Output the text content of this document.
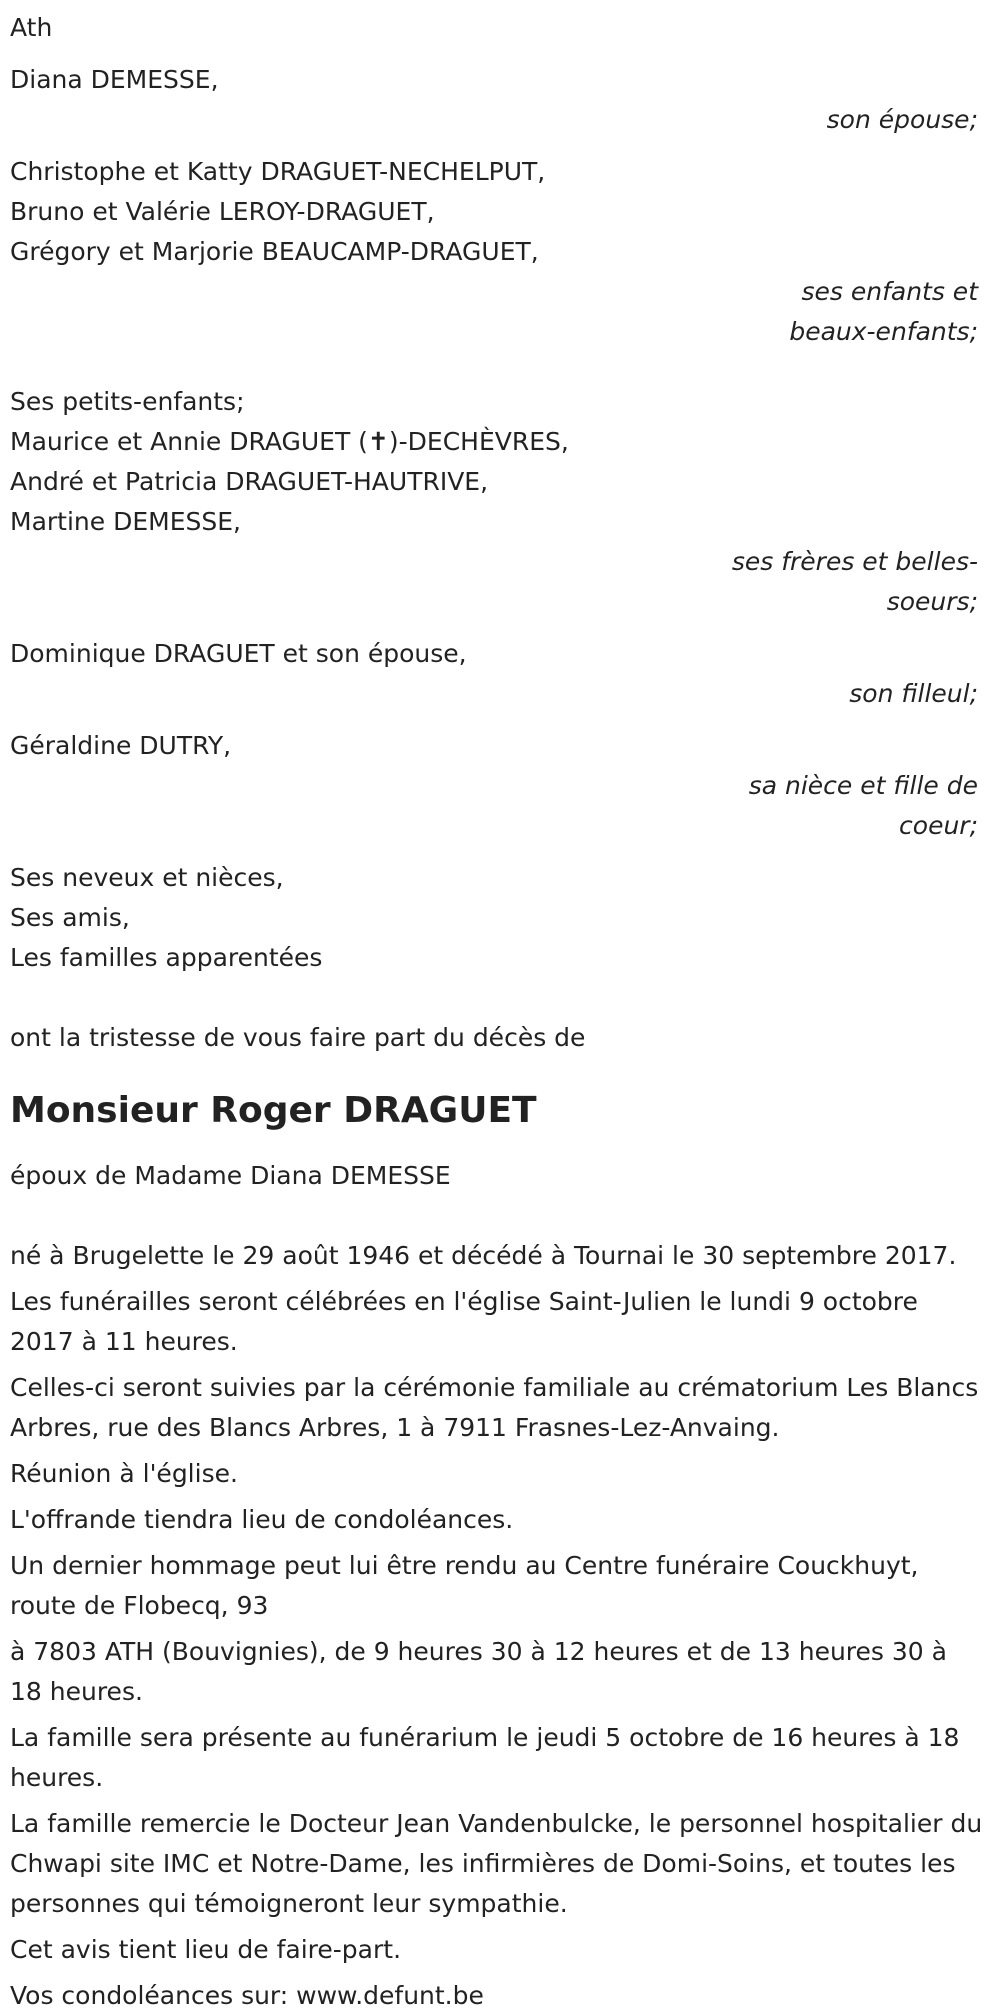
Ath
Diana DEMESSE,
son épouse;
Christophe et Katty DRAGUET-NECHELPUT,
Bruno et Valérie LEROY-DRAGUET,
Grégory et Marjorie BEAUCAMP-DRAGUET,
ses enfants et
beaux-enfants;
Ses petits-enfants;
Maurice et Annie DRAGUET (✝)-DECHÈVRES,
André et Patricia DRAGUET-HAUTRIVE,
Martine DEMESSE,
ses frères et belles-
soeurs;
Dominique DRAGUET et son épouse,
son filleul;
Géraldine DUTRY,
sa nièce et fille de
coeur;
Ses neveux et nièces,
Ses amis,
Les familles apparentées
ont la tristesse de vous faire part du décès de
Monsieur Roger DRAGUET
époux de Madame Diana DEMESSE
né à Brugelette le 29 août 1946 et décédé à Tournai le 30 septembre 2017.
Les funérailles seront célébrées en l'église Saint-Julien le lundi 9 octobre 2017 à 11 heures.
Celles-ci seront suivies par la cérémonie familiale au crématorium Les Blancs Arbres, rue des Blancs Arbres, 1 à 7911 Frasnes-Lez-Anvaing.
Réunion à l'église.
L'offrande tiendra lieu de condoléances.
Un dernier hommage peut lui être rendu au Centre funéraire Couckhuyt, route de Flobecq, 93
à 7803 ATH (Bouvignies), de 9 heures 30 à 12 heures et de 13 heures 30 à 18 heures.
La famille sera présente au funérarium le jeudi 5 octobre de 16 heures à 18 heures.
La famille remercie le Docteur Jean Vandenbulcke, le personnel hospitalier du Chwapi site IMC et Notre-Dame, les infirmières de Domi-Soins, et toutes les personnes qui témoigneront leur sympathie.
Cet avis tient lieu de faire-part.
Vos condoléances sur: www.defunt.be
